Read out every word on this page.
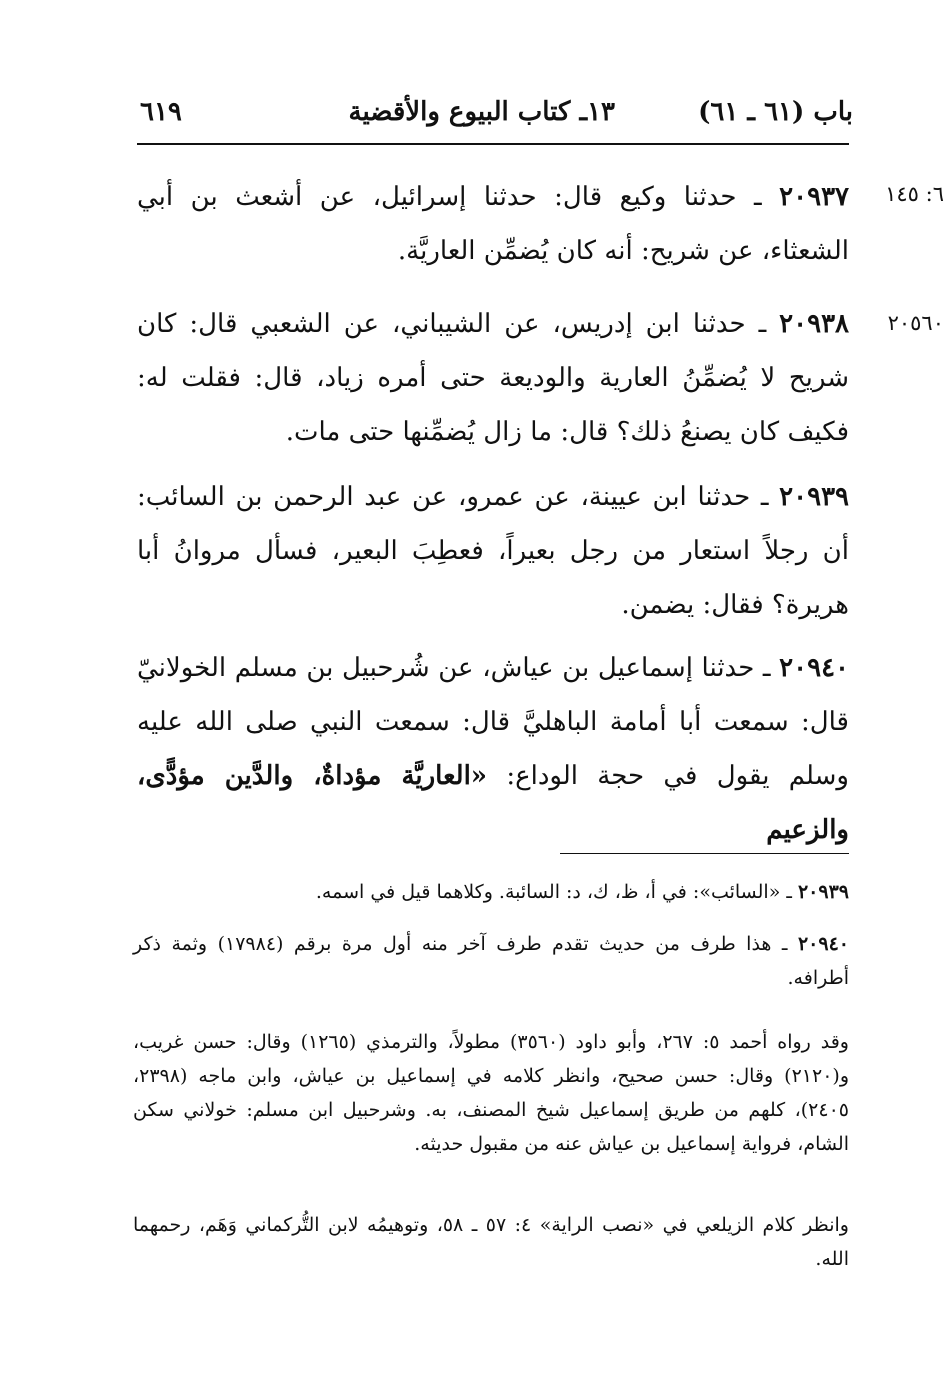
باب (٦١ ـ ٦١)
١٣ـ كتاب البيوع والأقضية
٦١٩
٦: ١٤٥
٢٠٥٦٠
٢٠٩٣٧ ـ حدثنا وكيع قال: حدثنا إسرائيل، عن أشعث بن أبي الشعثاء، عن شريح: أنه كان يُضمِّن العاريَّة.
٢٠٩٣٨ ـ حدثنا ابن إدريس، عن الشيباني، عن الشعبي قال: كان شريح لا يُضمِّنُ العارية والوديعة حتى أمره زياد، قال: فقلت له: فكيف كان يصنعُ ذلك؟ قال: ما زال يُضمِّنها حتى مات.
٢٠٩٣٩ ـ حدثنا ابن عيينة، عن عمرو، عن عبد الرحمن بن السائب: أن رجلاً استعار من رجل بعيراً، فعطِبَ البعير، فسأل مروانُ أبا هريرة؟ فقال: يضمن.
٢٠٩٤٠ ـ حدثنا إسماعيل بن عياش، عن شُرحبيل بن مسلم الخولانيّ قال: سمعت أبا أمامة الباهليَّ قال: سمعت النبي صلى الله عليه وسلم يقول في حجة الوداع: «العاريَّة مؤداةٌ، والدَّين مؤدًّى، والزعيم
٢٠٩٣٩ ـ «السائب»: في أ، ظ، ك، د: السائبة. وكلاهما قيل في اسمه.
٢٠٩٤٠ ـ هذا طرف من حديث تقدم طرف آخر منه أول مرة برقم (١٧٩٨٤) وثمة ذكر أطرافه.
وقد رواه أحمد ٥: ٢٦٧، وأبو داود (٣٥٦٠) مطولاً، والترمذي (١٢٦٥) وقال: حسن غريب، و(٢١٢٠) وقال: حسن صحيح، وانظر كلامه في إسماعيل بن عياش، وابن ماجه (٢٣٩٨، ٢٤٠٥)، كلهم من طريق إسماعيل شيخ المصنف، به. وشرحبيل ابن مسلم: خولاني سكن الشام، فرواية إسماعيل بن عياش عنه من مقبول حديثه.
وانظر كلام الزيلعي في «نصب الراية» ٤: ٥٧ ـ ٥٨، وتوهيمُه لابن التُّركماني وَهَم، رحمهما الله.
